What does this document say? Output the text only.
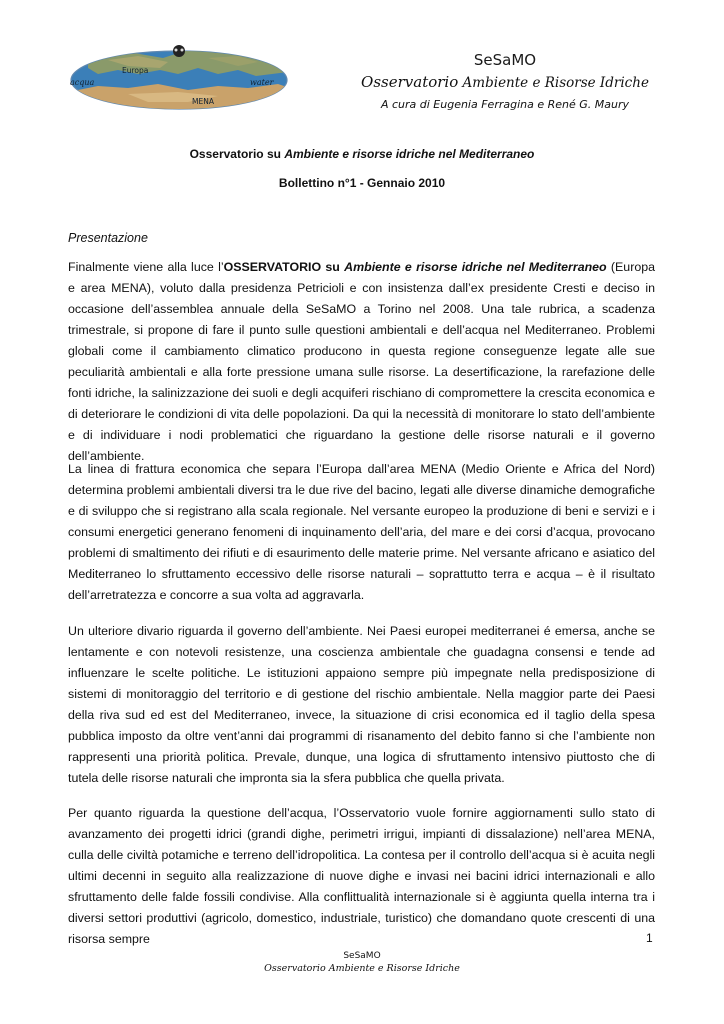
Europa
acqua	water
MENA
SeSaMO
Osservatorio Ambiente e Risorse Idriche
A cura di Eugenia Ferragina e René G. Maury
Osservatorio su Ambiente e risorse idriche nel Mediterraneo
Bollettino n°1 - Gennaio 2010
Presentazione

Finalmente viene alla luce l’OSSERVATORIO su Ambiente e risorse idriche nel Mediterraneo (Europa e area MENA), voluto dalla presidenza Petricioli e con insistenza dall’ex presidente Cresti e deciso in occasione dell’assemblea annuale della SeSaMO a Torino nel 2008. Una tale rubrica, a scadenza trimestrale, si propone di fare il punto sulle questioni ambientali e dell’acqua nel Mediterraneo. Problemi globali come il cambiamento climatico producono in questa regione conseguenze legate alle sue peculiarità ambientali e alla forte pressione umana sulle risorse. La desertificazione, la rarefazione delle fonti idriche, la salinizzazione dei suoli e degli acquiferi rischiano di compromettere la crescita economica e di deteriorare le condizioni di vita delle popolazioni. Da qui la necessità di monitorare lo stato dell’ambiente e di individuare i nodi problematici che riguardano la gestione delle risorse naturali e il governo dell’ambiente.

La linea di frattura economica che separa l’Europa dall’area MENA (Medio Oriente e Africa del Nord) determina problemi ambientali diversi tra le due rive del bacino, legati alle diverse dinamiche demografiche e di sviluppo che si registrano alla scala regionale. Nel versante europeo la produzione di beni e servizi e i consumi energetici generano fenomeni di inquinamento dell’aria, del mare e dei corsi d’acqua, provocano problemi di smaltimento dei rifiuti e di esaurimento delle materie prime. Nel versante africano e asiatico del Mediterraneo lo sfruttamento eccessivo delle risorse naturali – soprattutto terra e acqua – è il risultato dell’arretratezza e concorre a sua volta ad aggravarla.

Un ulteriore divario riguarda il governo dell’ambiente. Nei Paesi europei mediterranei é emersa, anche se lentamente e con notevoli resistenze, una coscienza ambientale che guadagna consensi e tende ad influenzare le scelte politiche. Le istituzioni appaiono sempre più impegnate nella predisposizione di sistemi di monitoraggio del territorio e di gestione del rischio ambientale. Nella maggior parte dei Paesi della riva sud ed est del Mediterraneo, invece, la situazione di crisi economica ed il taglio della spesa pubblica imposto da oltre vent’anni dai programmi di risanamento del debito fanno si che l’ambiente non rappresenti una priorità politica. Prevale, dunque, una logica di sfruttamento intensivo piuttosto che di tutela delle risorse naturali che impronta sia la sfera pubblica che quella privata.

Per quanto riguarda la questione dell’acqua, l’Osservatorio vuole fornire aggiornamenti sullo stato di avanzamento dei progetti idrici (grandi dighe, perimetri irrigui, impianti di dissalazione) nell’area MENA, culla delle civiltà potamiche e terreno dell’idropolitica. La contesa per il controllo dell’acqua si è acuita negli ultimi decenni in seguito alla realizzazione di nuove dighe e invasi nei bacini idrici internazionali e allo sfruttamento delle falde fossili condivise. Alla conflittualità internazionale si è aggiunta quella interna tra i diversi settori produttivi (agricolo, domestico, industriale, turistico) che domandano quote crescenti di una risorsa sempre	1
SeSaMO
Osservatorio Ambiente e Risorse Idriche
